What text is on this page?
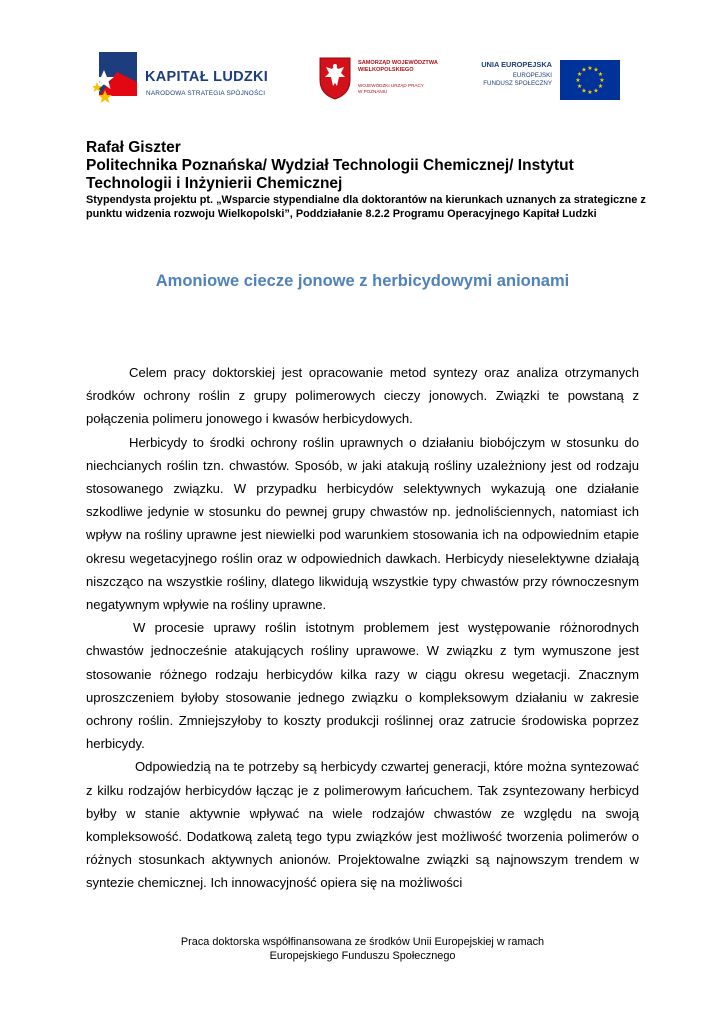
KAPITAŁ LUDZKI
NARODOWA STRATEGIA SPÓJNOŚCI
SAMORZĄD WOJEWÓDZTWA WIELKOPOLSKIEGO
WOJEWÓDZKI URZĄD PRACY W POZNANIU
UNIA EUROPEJSKA
EUROPEJSKI
FUNDUSZ SPOŁECZNY
★ ★
★
★
★
★
★
★
★
★
★
★
Rafał Giszter
Politechnika Poznańska/ Wydział Technologii Chemicznej/ Instytut Technologii i Inżynierii Chemicznej
Stypendysta projektu pt. „Wsparcie stypendialne dla doktorantów na kierunkach uznanych za strategiczne z punktu widzenia rozwoju Wielkopolski”, Poddziałanie 8.2.2 Programu Operacyjnego Kapitał Ludzki
Amoniowe ciecze jonowe z herbicydowymi anionami

Celem pracy doktorskiej jest opracowanie metod syntezy oraz analiza otrzymanych środków ochrony roślin z grupy polimerowych cieczy jonowych. Związki te powstaną z połączenia polimeru jonowego i kwasów herbicydowych.

Herbicydy to środki ochrony roślin uprawnych o działaniu biobójczym w stosunku do niechcianych roślin tzn. chwastów. Sposób, w jaki atakują rośliny uzależniony jest od rodzaju stosowanego związku. W przypadku herbicydów selektywnych wykazują one działanie szkodliwe jedynie w stosunku do pewnej grupy chwastów np. jednoliściennych, natomiast ich wpływ na rośliny uprawne jest niewielki pod warunkiem stosowania ich na odpowiednim etapie okresu wegetacyjnego roślin oraz w odpowiednich dawkach. Herbicydy nieselektywne działają niszcząco na wszystkie rośliny, dlatego likwidują wszystkie typy chwastów przy równoczesnym negatywnym wpływie na rośliny uprawne.

W procesie uprawy roślin istotnym problemem jest występowanie różnorodnych chwastów jednocześnie atakujących rośliny uprawowe. W związku z tym wymuszone jest stosowanie różnego rodzaju herbicydów kilka razy w ciągu okresu wegetacji. Znacznym uproszczeniem byłoby stosowanie jednego związku o kompleksowym działaniu w zakresie ochrony roślin. Zmniejszyłoby to koszty produkcji roślinnej oraz zatrucie środowiska poprzez herbicydy.

Odpowiedzią na te potrzeby są herbicydy czwartej generacji, które można syntezować z kilku rodzajów herbicydów łącząc je z polimerowym łańcuchem. Tak zsyntezowany herbicyd byłby w stanie aktywnie wpływać na wiele rodzajów chwastów ze względu na swoją kompleksowość. Dodatkową zaletą tego typu związków jest możliwość tworzenia polimerów o różnych stosunkach aktywnych anionów. Projektowalne związki są najnowszym trendem w syntezie chemicznej. Ich innowacyjność opiera się na możliwości

Praca doktorska współfinansowana ze środków Unii Europejskiej w ramach
Europejskiego Funduszu Społecznego
